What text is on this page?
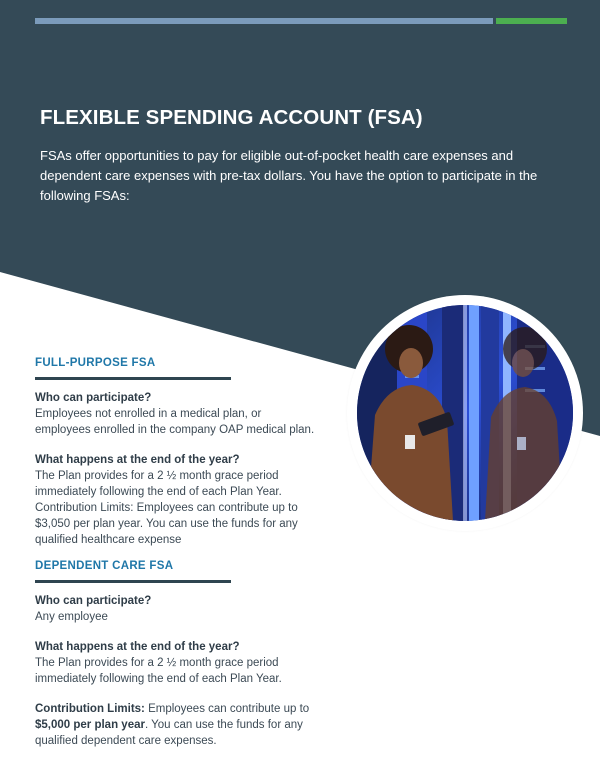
FLEXIBLE SPENDING ACCOUNT (FSA)

FSAs offer opportunities to pay for eligible out-of-pocket health care expenses and dependent care expenses with pre-tax dollars. You have the option to participate in the following FSAs:

FULL-PURPOSE FSA

Who can participate?

Employees not enrolled in a medical plan, or employees enrolled in the company OAP medical plan.

What happens at the end of the year?

The Plan provides for a 2 ½ month grace period immediately following the end of each Plan Year.

Contribution Limits: Employees can contribute up to $3,050 per plan year. You can use the funds for any qualified healthcare expense

DEPENDENT CARE FSA

Who can participate?

Any employee

What happens at the end of the year?

The Plan provides for a 2 ½ month grace period immediately following the end of each Plan Year.

Contribution Limits: Employees can contribute up to $5,000 per plan year. You can use the funds for any qualified dependent care expenses.
